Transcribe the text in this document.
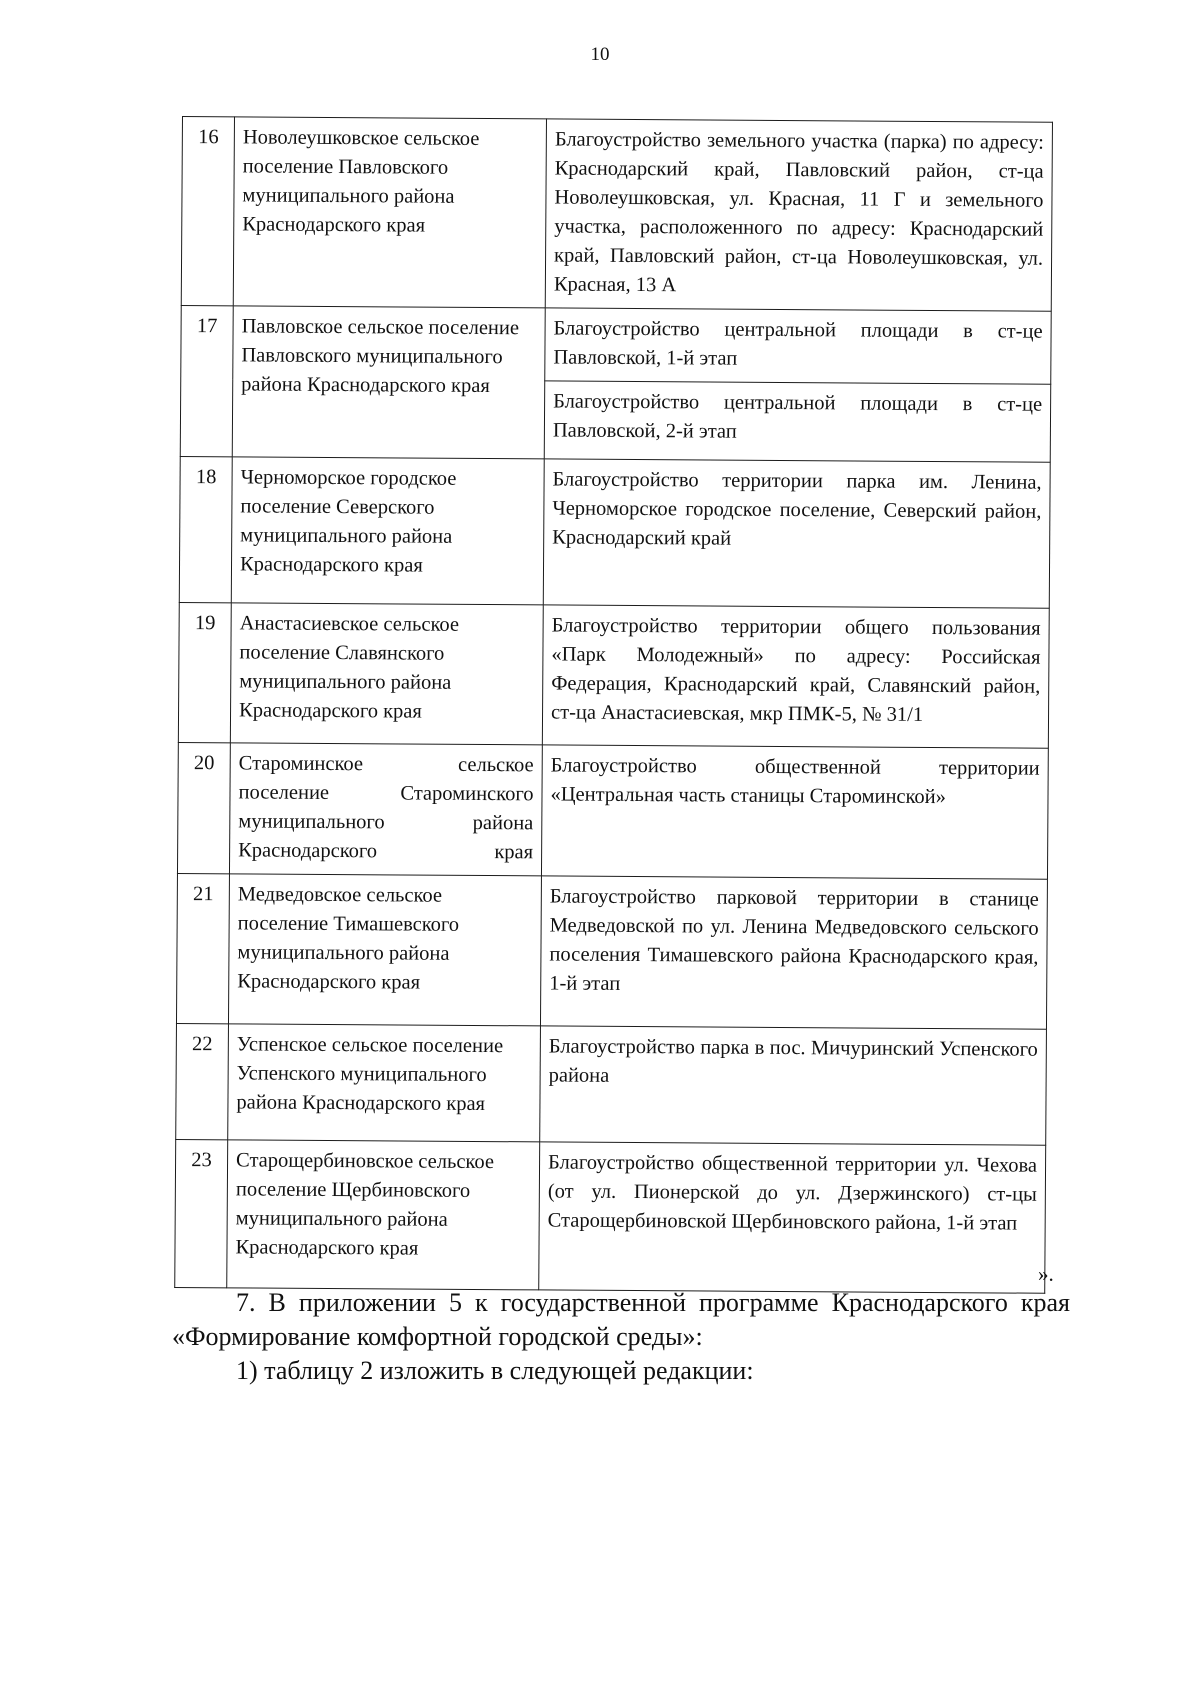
10
16	Новолеушковское сельское поселение Павловского муниципального района Краснодарского края	Благоустройство земельного участка (парка) по адресу: Краснодарский край, Павловский район, ст-ца Новолеушковская, ул. Красная, 11 Г и земельного участка, расположенного по адресу: Краснодарский край, Павловский район, ст-ца Новолеушковская, ул. Красная, 13 А
17	Павловское сельское поселение Павловского муниципального района Краснодарского края	Благоустройство центральной площади в ст-це Павловской, 1-й этап
		Благоустройство центральной площади в ст-це Павловской, 2-й этап
18	Черноморское городское поселение Северского муниципального района Краснодарского края	Благоустройство территории парка им. Ленина, Черноморское городское поселение, Северский район, Краснодарский край
19	Анастасиевское сельское поселение Славянского муниципального района Краснодарского края	Благоустройство территории общего пользования «Парк Молодежный» по адресу: Российская Федерация, Краснодарский край, Славянский район, ст-ца Анастасиевская, мкр ПМК-5, № 31/1
20	Староминское сельское поселение Староминского муниципального района Краснодарского края	Благоустройство общественной территории «Центральная часть станицы Староминской»
21	Медведовское сельское поселение Тимашевского муниципального района Краснодарского края	Благоустройство парковой территории в станице Медведовской по ул. Ленина Медведовского сельского поселения Тимашевского района Краснодарского края, 1-й этап
22	Успенское сельское поселение Успенского муниципального района Краснодарского края	Благоустройство парка в пос. Мичуринский Успенского района
23	Старощербиновское сельское поселение Щербиновского муниципального района Краснодарского края	Благоустройство общественной территории ул. Чехова (от ул. Пионерской до ул. Дзержинского) ст-цы Старощербиновской Щербиновского района, 1-й этап
».
7. В приложении 5 к государственной программе Краснодарского края «Формирование комфортной городской среды»:
1) таблицу 2 изложить в следующей редакции:
